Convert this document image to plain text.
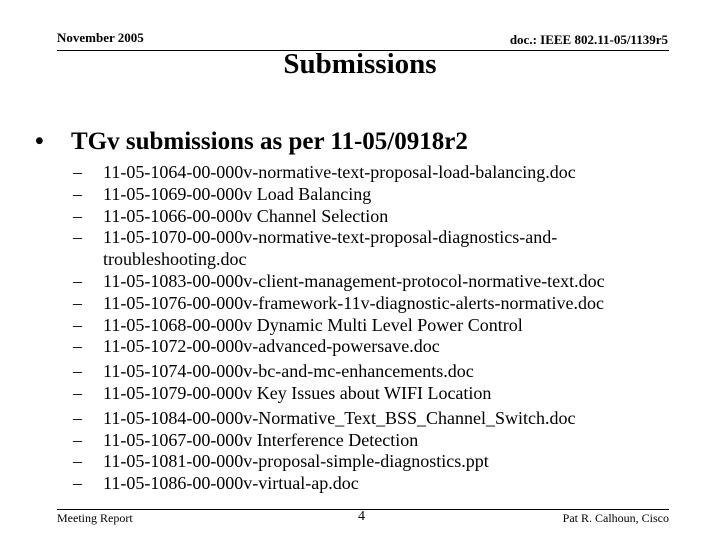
November 2005	doc.: IEEE 802.11-05/1139r5
Submissions
• TGv submissions as per 11-05/0918r2
– 11-05-1064-00-000v-normative-text-proposal-load-balancing.doc
– 11-05-1069-00-000v Load Balancing
– 11-05-1066-00-000v Channel Selection
– 11-05-1070-00-000v-normative-text-proposal-diagnostics-and-
troubleshooting.doc
– 11-05-1083-00-000v-client-management-protocol-normative-text.doc
– 11-05-1076-00-000v-framework-11v-diagnostic-alerts-normative.doc
– 11-05-1068-00-000v Dynamic Multi Level Power Control
– 11-05-1072-00-000v-advanced-powersave.doc
– 11-05-1074-00-000v-bc-and-mc-enhancements.doc
– 11-05-1079-00-000v Key Issues about WIFI Location
– 11-05-1084-00-000v-Normative_Text_BSS_Channel_Switch.doc
– 11-05-1067-00-000v Interference Detection
– 11-05-1081-00-000v-proposal-simple-diagnostics.ppt
– 11-05-1086-00-000v-virtual-ap.doc
Meeting Report	4	Pat R. Calhoun, Cisco
